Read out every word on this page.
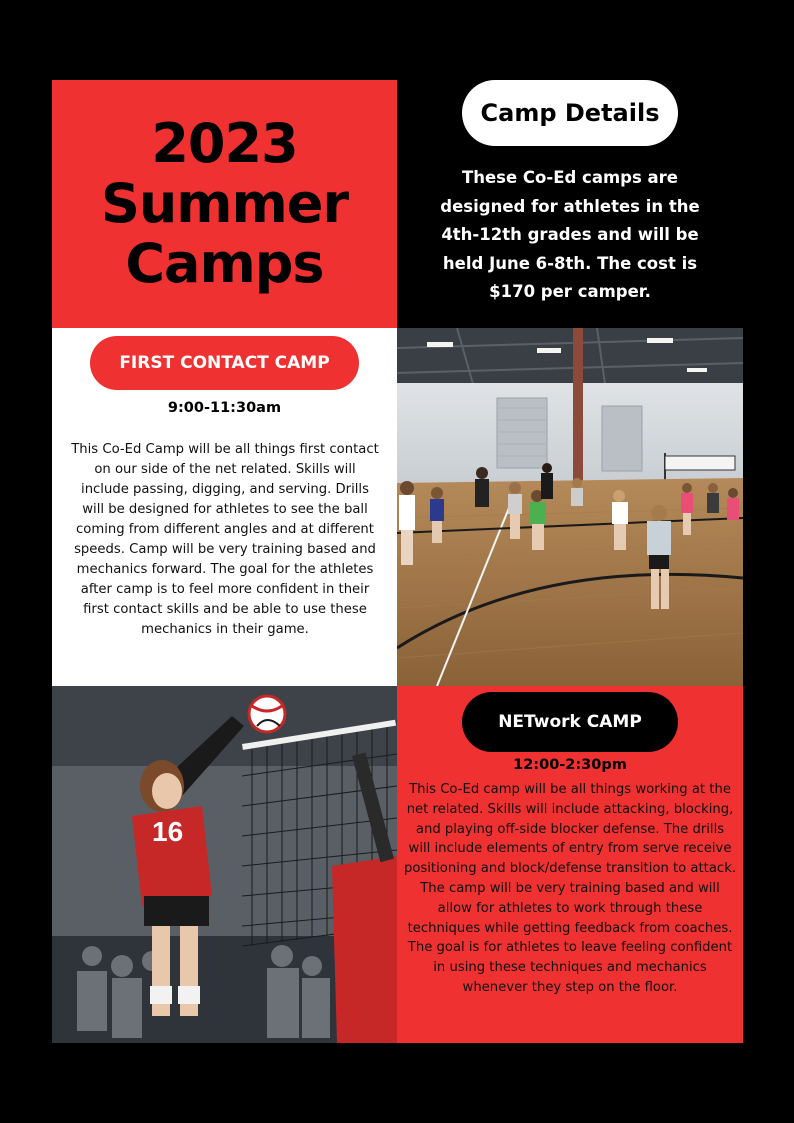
2023
Summer
Camps
Camp Details
These Co-Ed camps are designed for athletes in the 4th-12th grades and will be held June 6-8th. The cost is $170 per camper.
FIRST CONTACT CAMP
9:00-11:30am
This Co-Ed Camp will be all things first contact on our side of the net related. Skills will include passing, digging, and serving. Drills will be designed for athletes to see the ball coming from different angles and at different speeds. Camp will be very training based and mechanics forward. The goal for the athletes after camp is to feel more confident in their first contact skills and be able to use these mechanics in their game.
16
NETwork CAMP
12:00-2:30pm
This Co-Ed camp will be all things working at the net related. Skills will include attacking, blocking, and playing off-side blocker defense. The drills will include elements of entry from serve receive positioning and block/defense transition to attack. The camp will be very training based and will allow for athletes to work through these techniques while getting feedback from coaches. The goal is for athletes to leave feeling confident in using these techniques and mechanics whenever they step on the floor.
